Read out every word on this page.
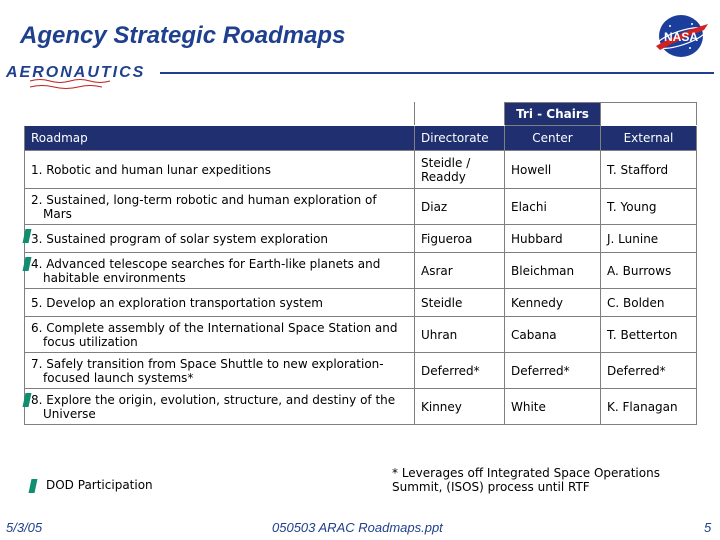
Agency Strategic Roadmaps
AERONAUTICS
NASA
		Tri - Chairs	
Roadmap	Directorate	Center	External
1. Robotic and human lunar expeditions	Steidle / Readdy	Howell	T. Stafford
2. Sustained, long-term robotic and human exploration of Mars	Diaz	Elachi	T. Young
3. Sustained program of solar system exploration	Figueroa	Hubbard	J. Lunine
4. Advanced telescope searches for Earth-like planets and habitable environments	Asrar	Bleichman	A. Burrows
5. Develop an exploration transportation system	Steidle	Kennedy	C. Bolden
6. Complete assembly of the International Space Station and focus utilization	Uhran	Cabana	T. Betterton
7. Safely transition from Space Shuttle to new exploration-focused launch systems*	Deferred*	Deferred*	Deferred*
8. Explore the origin, evolution, structure, and destiny of the Universe	Kinney	White	K. Flanagan
DOD Participation
* Leverages off Integrated Space Operations Summit, (ISOS) process until RTF
5/3/05	050503 ARAC Roadmaps.ppt	5
